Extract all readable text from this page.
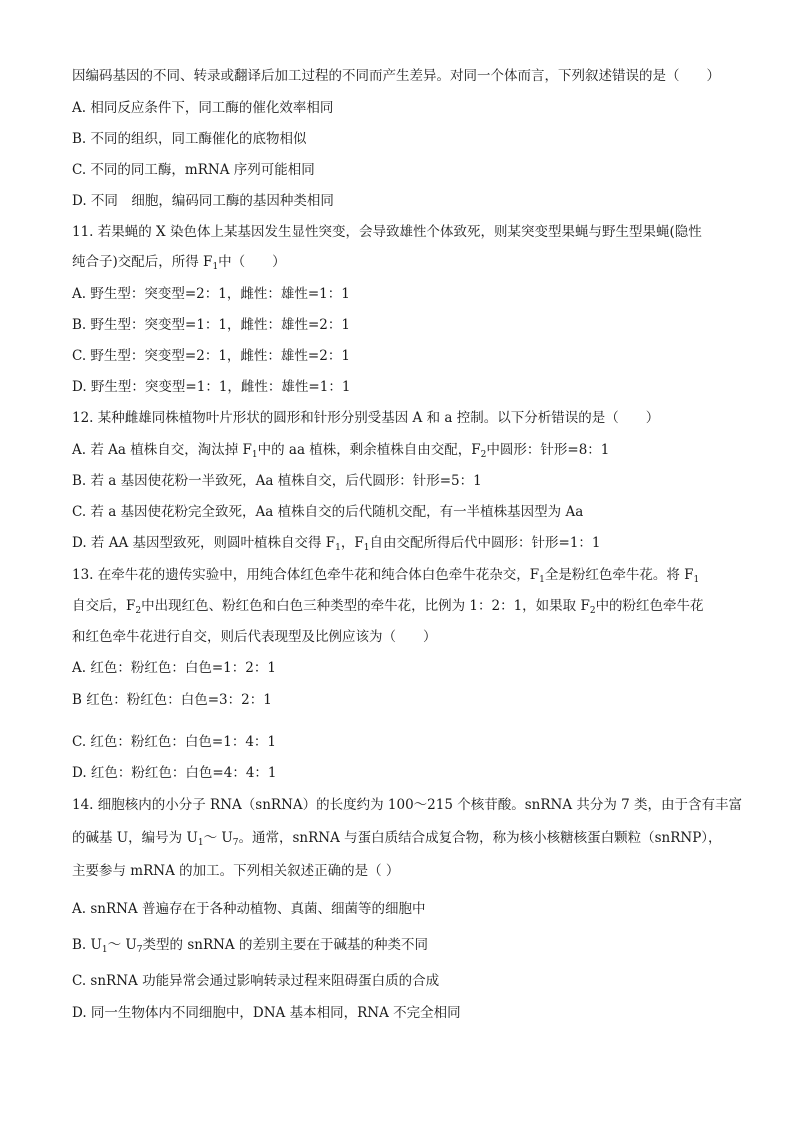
因编码基因的不同、转录或翻译后加工过程的不同而产生差异。对同一个体而言，下列叙述错误的是（　　）
A. 相同反应条件下，同工酶的催化效率相同
B. 不同的组织，同工酶催化的底物相似
C. 不同的同工酶，mRNA 序列可能相同
D. 不同　细胞，编码同工酶的基因种类相同
11. 若果蝇的 X 染色体上某基因发生显性突变，会导致雄性个体致死，则某突变型果蝇与野生型果蝇(隐性
纯合子)交配后，所得 $F_1$中（　　）
A. 野生型：突变型=2：1，雌性：雄性=1：1
B. 野生型：突变型=1：1，雌性：雄性=2：1
C. 野生型：突变型=2：1，雌性：雄性=2：1
D. 野生型：突变型=1：1，雌性：雄性=1：1
12. 某种雌雄同株植物叶片形状的圆形和针形分别受基因 A 和 a 控制。以下分析错误的是（　　）
A. 若 Aa 植株自交，淘汰掉 $F_1$中的 aa 植株，剩余植株自由交配，$F_2$中圆形：针形=8：1
B. 若 a 基因使花粉一半致死，Aa 植株自交，后代圆形：针形=5：1
C. 若 a 基因使花粉完全致死，Aa 植株自交的后代随机交配，有一半植株基因型为 Aa
D. 若 AA 基因型致死，则圆叶植株自交得 $F_1$，$F_1$自由交配所得后代中圆形：针形=1：1
13. 在牵牛花的遗传实验中，用纯合体红色牵牛花和纯合体白色牵牛花杂交，$F_1$全是粉红色牵牛花。将 $F_1$
自交后，$F_2$中出现红色、粉红色和白色三种类型的牵牛花，比例为 1：2：1，如果取 $F_2$中的粉红色牵牛花
和红色牵牛花进行自交，则后代表现型及比例应该为（　　）
A. 红色：粉红色：白色=1：2：1
B 红色：粉红色：白色=3：2：1
C. 红色：粉红色：白色=1：4：1
D. 红色：粉红色：白色=4：4：1
14. 细胞核内的小分子 RNA（snRNA）的长度约为 100～215 个核苷酸。snRNA 共分为 7 类，由于含有丰富
的碱基 U，编号为 $U_1\sim$ $U_7$。通常，snRNA 与蛋白质结合成复合物，称为核小核糖核蛋白颗粒（snRNP），
主要参与 mRNA 的加工。下列相关叙述正确的是（ ）
A. snRNA 普遍存在于各种动植物、真菌、细菌等的细胞中
B. $U_1\sim$ $U_7$类型的 snRNA 的差别主要在于碱基的种类不同
C. snRNA 功能异常会通过影响转录过程来阻碍蛋白质的合成
D. 同一生物体内不同细胞中，DNA 基本相同，RNA 不完全相同
